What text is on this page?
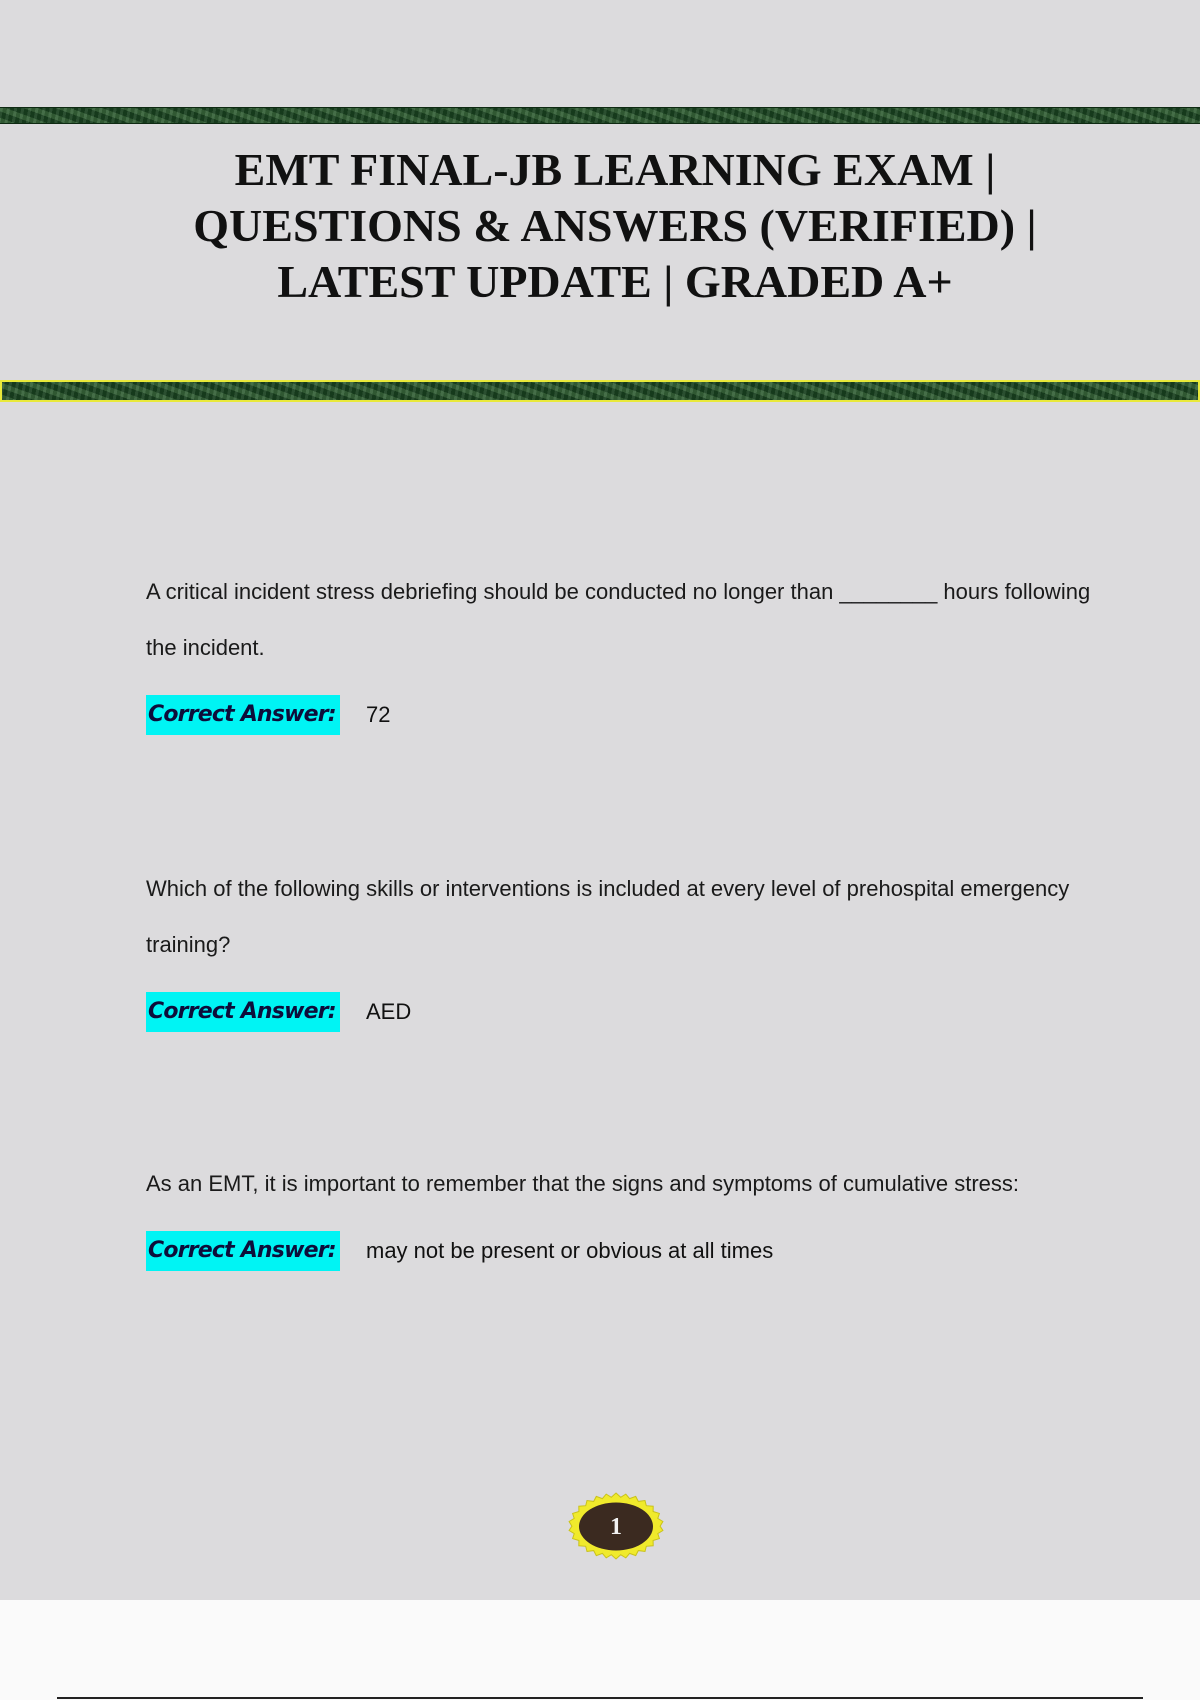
EMT FINAL-JB LEARNING EXAM |
QUESTIONS & ANSWERS (VERIFIED) |
LATEST UPDATE | GRADED A+

A critical incident stress debriefing should be conducted no longer than ________ hours following the incident.

Correct Answer: 72

Which of the following skills or interventions is included at every level of prehospital emergency training?

Correct Answer: AED

As an EMT, it is important to remember that the signs and symptoms of cumulative stress:

Correct Answer: may not be present or obvious at all times
1
